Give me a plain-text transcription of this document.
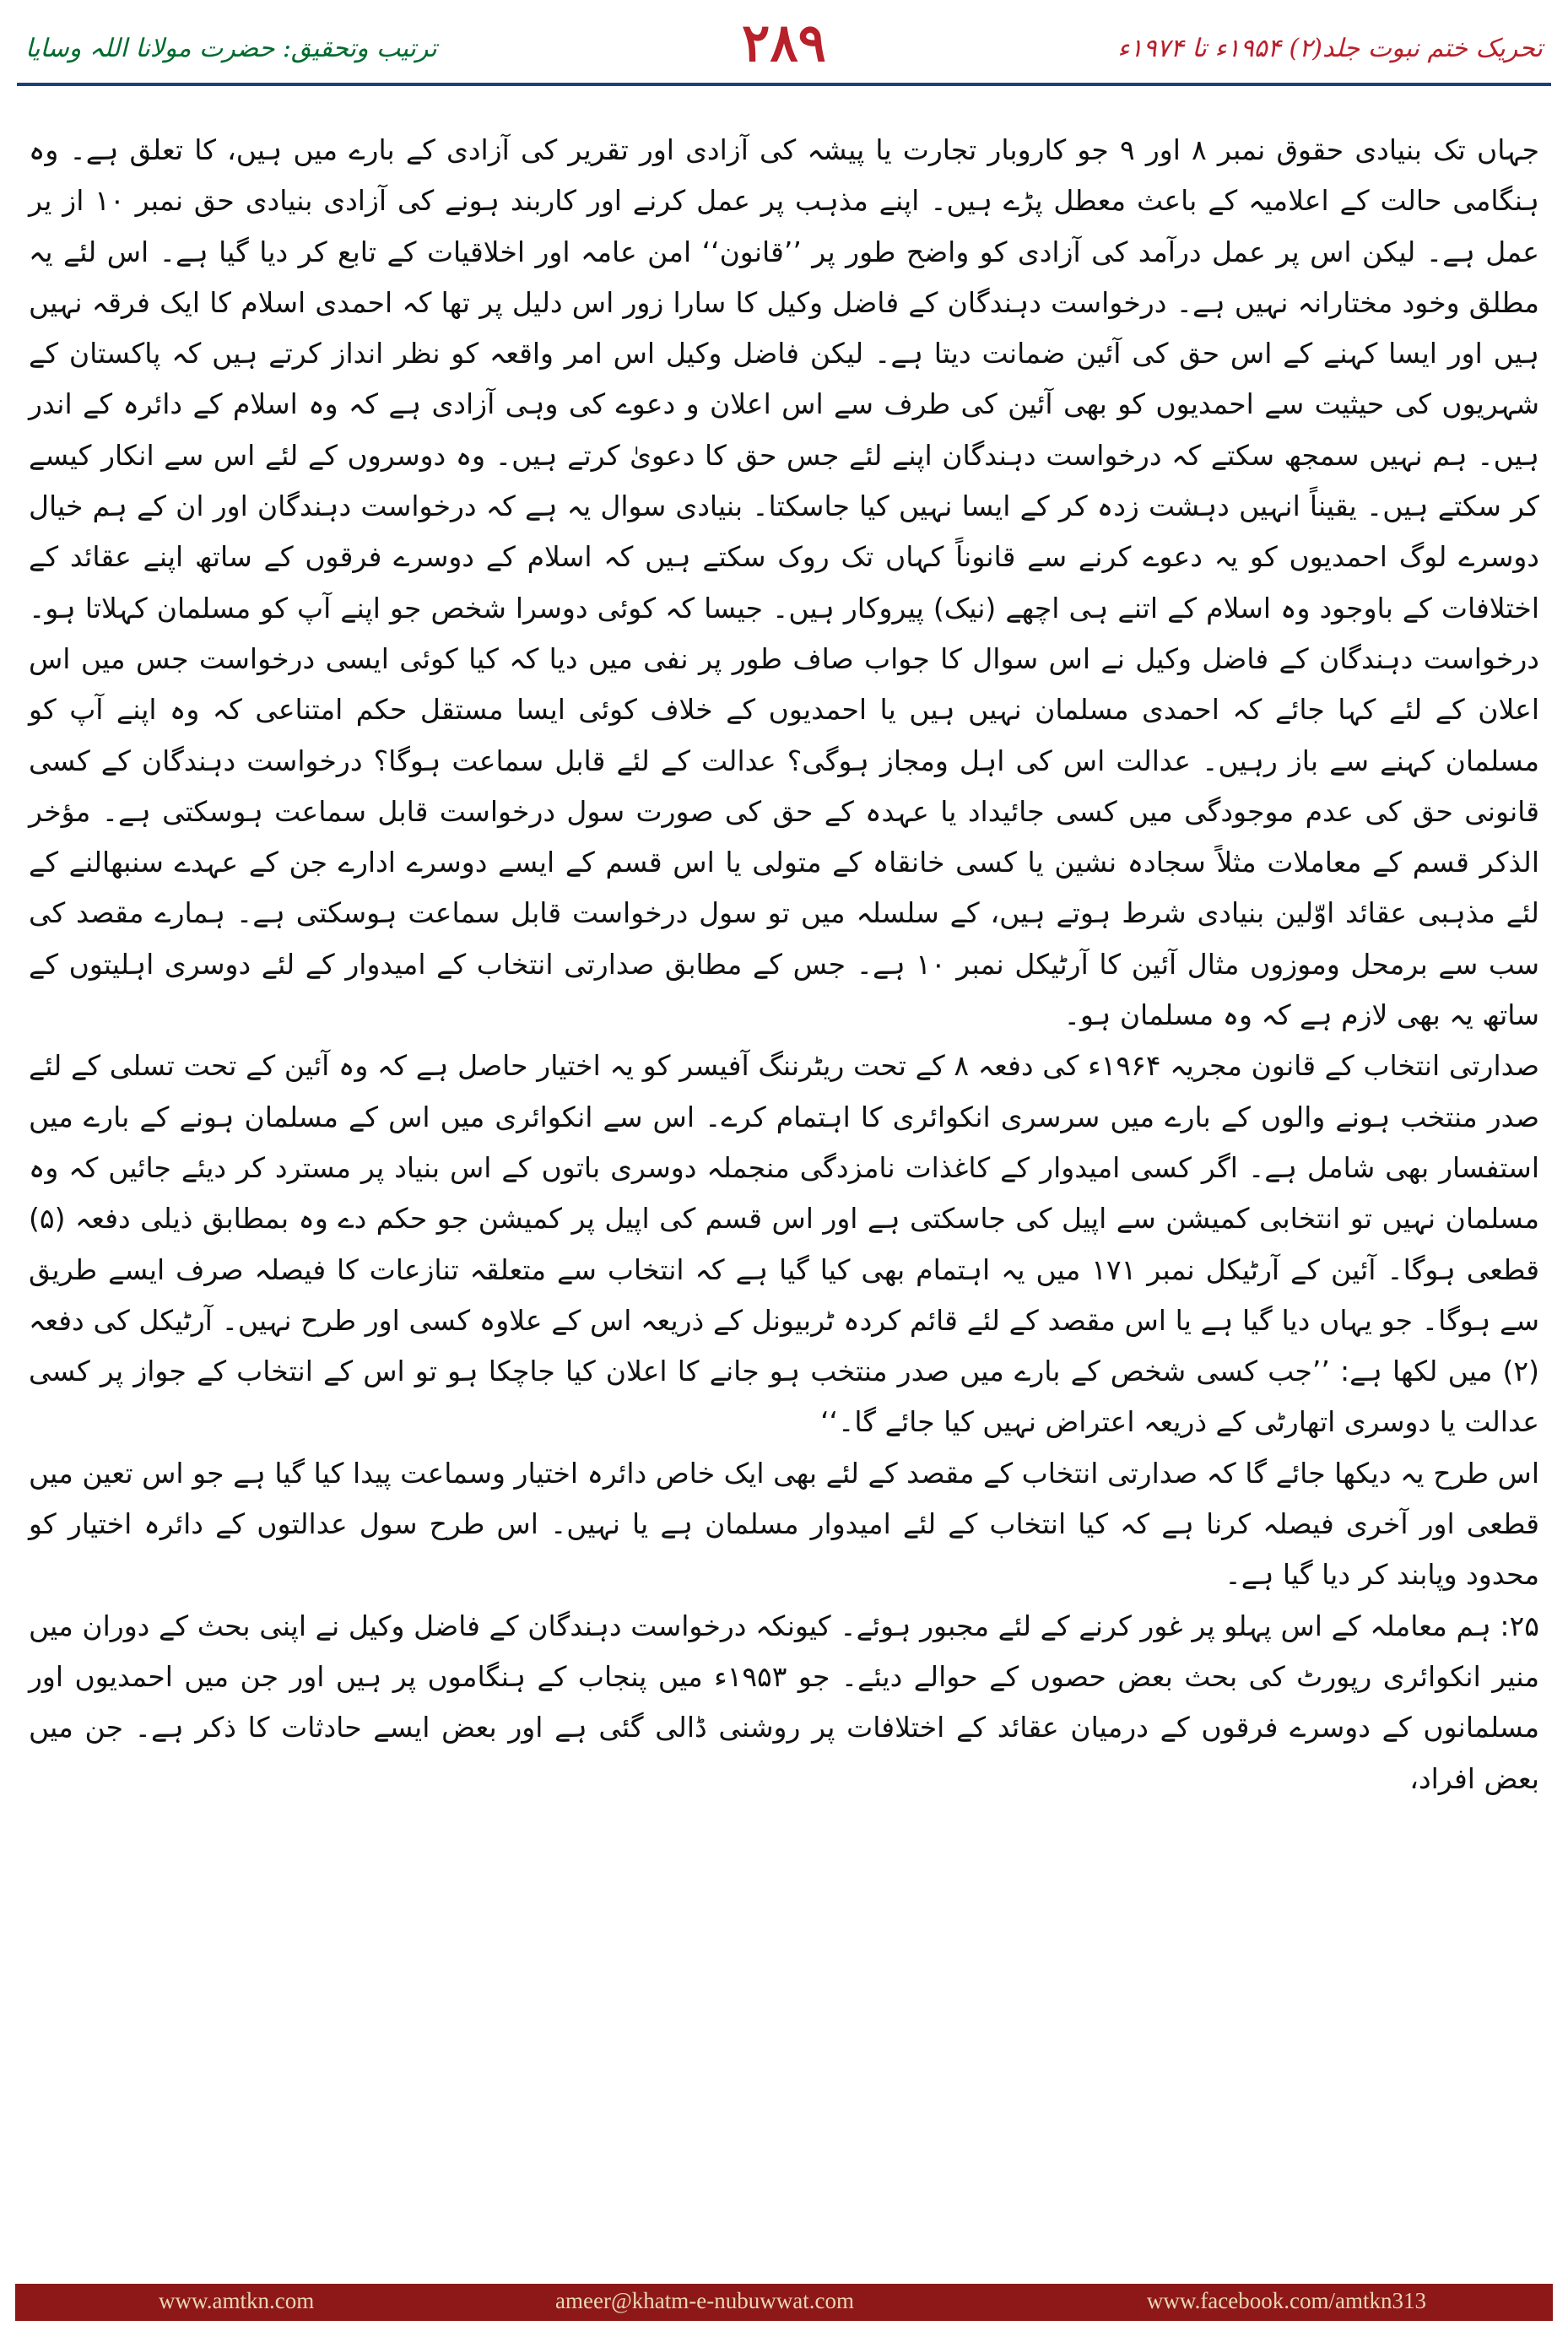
ترتیب وتحقیق: حضرت مولانا اللہ وسایا	۲۸۹	تحریک ختم نبوت جلد(۲) ۱۹۵۴ء تا ۱۹۷۴ء

جہاں تک بنیادی حقوق نمبر ۸ اور ۹ جو کاروبار تجارت یا پیشہ کی آزادی اور تقریر کی آزادی کے بارے میں ہیں، کا تعلق ہے۔ وہ ہنگامی حالت کے اعلامیہ کے باعث معطل پڑے ہیں۔ اپنے مذہب پر عمل کرنے اور کاربند ہونے کی آزادی بنیادی حق نمبر ۱۰ از یر عمل ہے۔ لیکن اس پر عمل درآمد کی آزادی کو واضح طور پر ’’قانون‘‘ امن عامہ اور اخلاقیات کے تابع کر دیا گیا ہے۔ اس لئے یہ مطلق وخود مختارانہ نہیں ہے۔ درخواست دہندگان کے فاضل وکیل کا سارا زور اس دلیل پر تھا کہ احمدی اسلام کا ایک فرقہ نہیں ہیں اور ایسا کہنے کے اس حق کی آئین ضمانت دیتا ہے۔ لیکن فاضل وکیل اس امر واقعہ کو نظر انداز کرتے ہیں کہ پاکستان کے شہریوں کی حیثیت سے احمدیوں کو بھی آئین کی طرف سے اس اعلان و دعوے کی وہی آزادی ہے کہ وہ اسلام کے دائرہ کے اندر ہیں۔ ہم نہیں سمجھ سکتے کہ درخواست دہندگان اپنے لئے جس حق کا دعویٰ کرتے ہیں۔ وہ دوسروں کے لئے اس سے انکار کیسے کر سکتے ہیں۔ یقیناً انہیں دہشت زدہ کر کے ایسا نہیں کیا جاسکتا۔ بنیادی سوال یہ ہے کہ درخواست دہندگان اور ان کے ہم خیال دوسرے لوگ احمدیوں کو یہ دعوے کرنے سے قانوناً کہاں تک روک سکتے ہیں کہ اسلام کے دوسرے فرقوں کے ساتھ اپنے عقائد کے اختلافات کے باوجود وہ اسلام کے اتنے ہی اچھے (نیک) پیروکار ہیں۔ جیسا کہ کوئی دوسرا شخص جو اپنے آپ کو مسلمان کہلاتا ہو۔ درخواست دہندگان کے فاضل وکیل نے اس سوال کا جواب صاف طور پر نفی میں دیا کہ کیا کوئی ایسی درخواست جس میں اس اعلان کے لئے کہا جائے کہ احمدی مسلمان نہیں ہیں یا احمدیوں کے خلاف کوئی ایسا مستقل حکم امتناعی کہ وہ اپنے آپ کو مسلمان کہنے سے باز رہیں۔ عدالت اس کی اہل ومجاز ہوگی؟ عدالت کے لئے قابل سماعت ہوگا؟ درخواست دہندگان کے کسی قانونی حق کی عدم موجودگی میں کسی جائیداد یا عہدہ کے حق کی صورت سول درخواست قابل سماعت ہوسکتی ہے۔ مؤخر الذکر قسم کے معاملات مثلاً سجادہ نشین یا کسی خانقاہ کے متولی یا اس قسم کے ایسے دوسرے ادارے جن کے عہدے سنبھالنے کے لئے مذہبی عقائد اوّلین بنیادی شرط ہوتے ہیں، کے سلسلہ میں تو سول درخواست قابل سماعت ہوسکتی ہے۔ ہمارے مقصد کی سب سے برمحل وموزوں مثال آئین کا آرٹیکل نمبر ۱۰ ہے۔ جس کے مطابق صدارتی انتخاب کے امیدوار کے لئے دوسری اہلیتوں کے ساتھ یہ بھی لازم ہے کہ وہ مسلمان ہو۔

صدارتی انتخاب کے قانون مجریہ ۱۹۶۴ء کی دفعہ ۸ کے تحت ریٹرننگ آفیسر کو یہ اختیار حاصل ہے کہ وہ آئین کے تحت تسلی کے لئے صدر منتخب ہونے والوں کے بارے میں سرسری انکوائری کا اہتمام کرے۔ اس سے انکوائری میں اس کے مسلمان ہونے کے بارے میں استفسار بھی شامل ہے۔ اگر کسی امیدوار کے کاغذات نامزدگی منجملہ دوسری باتوں کے اس بنیاد پر مسترد کر دیئے جائیں کہ وہ مسلمان نہیں تو انتخابی کمیشن سے اپیل کی جاسکتی ہے اور اس قسم کی اپیل پر کمیشن جو حکم دے وہ بمطابق ذیلی دفعہ (۵) قطعی ہوگا۔ آئین کے آرٹیکل نمبر ۱۷۱ میں یہ اہتمام بھی کیا گیا ہے کہ انتخاب سے متعلقہ تنازعات کا فیصلہ صرف ایسے طریق سے ہوگا۔ جو یہاں دیا گیا ہے یا اس مقصد کے لئے قائم کردہ ٹربیونل کے ذریعہ اس کے علاوہ کسی اور طرح نہیں۔ آرٹیکل کی دفعہ (۲) میں لکھا ہے: ’’جب کسی شخص کے بارے میں صدر منتخب ہو جانے کا اعلان کیا جاچکا ہو تو اس کے انتخاب کے جواز پر کسی عدالت یا دوسری اتھارٹی کے ذریعہ اعتراض نہیں کیا جائے گا۔‘‘

اس طرح یہ دیکھا جائے گا کہ صدارتی انتخاب کے مقصد کے لئے بھی ایک خاص دائرہ اختیار وسماعت پیدا کیا گیا ہے جو اس تعین میں قطعی اور آخری فیصلہ کرنا ہے کہ کیا انتخاب کے لئے امیدوار مسلمان ہے یا نہیں۔ اس طرح سول عدالتوں کے دائرہ اختیار کو محدود وپابند کر دیا گیا ہے۔

۲۵: ہم معاملہ کے اس پہلو پر غور کرنے کے لئے مجبور ہوئے۔ کیونکہ درخواست دہندگان کے فاضل وکیل نے اپنی بحث کے دوران میں منیر انکوائری رپورٹ کی بحث بعض حصوں کے حوالے دیئے۔ جو ۱۹۵۳ء میں پنجاب کے ہنگاموں پر ہیں اور جن میں احمدیوں اور مسلمانوں کے دوسرے فرقوں کے درمیان عقائد کے اختلافات پر روشنی ڈالی گئی ہے اور بعض ایسے حادثات کا ذکر ہے۔ جن میں بعض افراد،

www.amtkn.com	ameer@khatm-e-nubuwwat.com	www.facebook.com/amtkn313
